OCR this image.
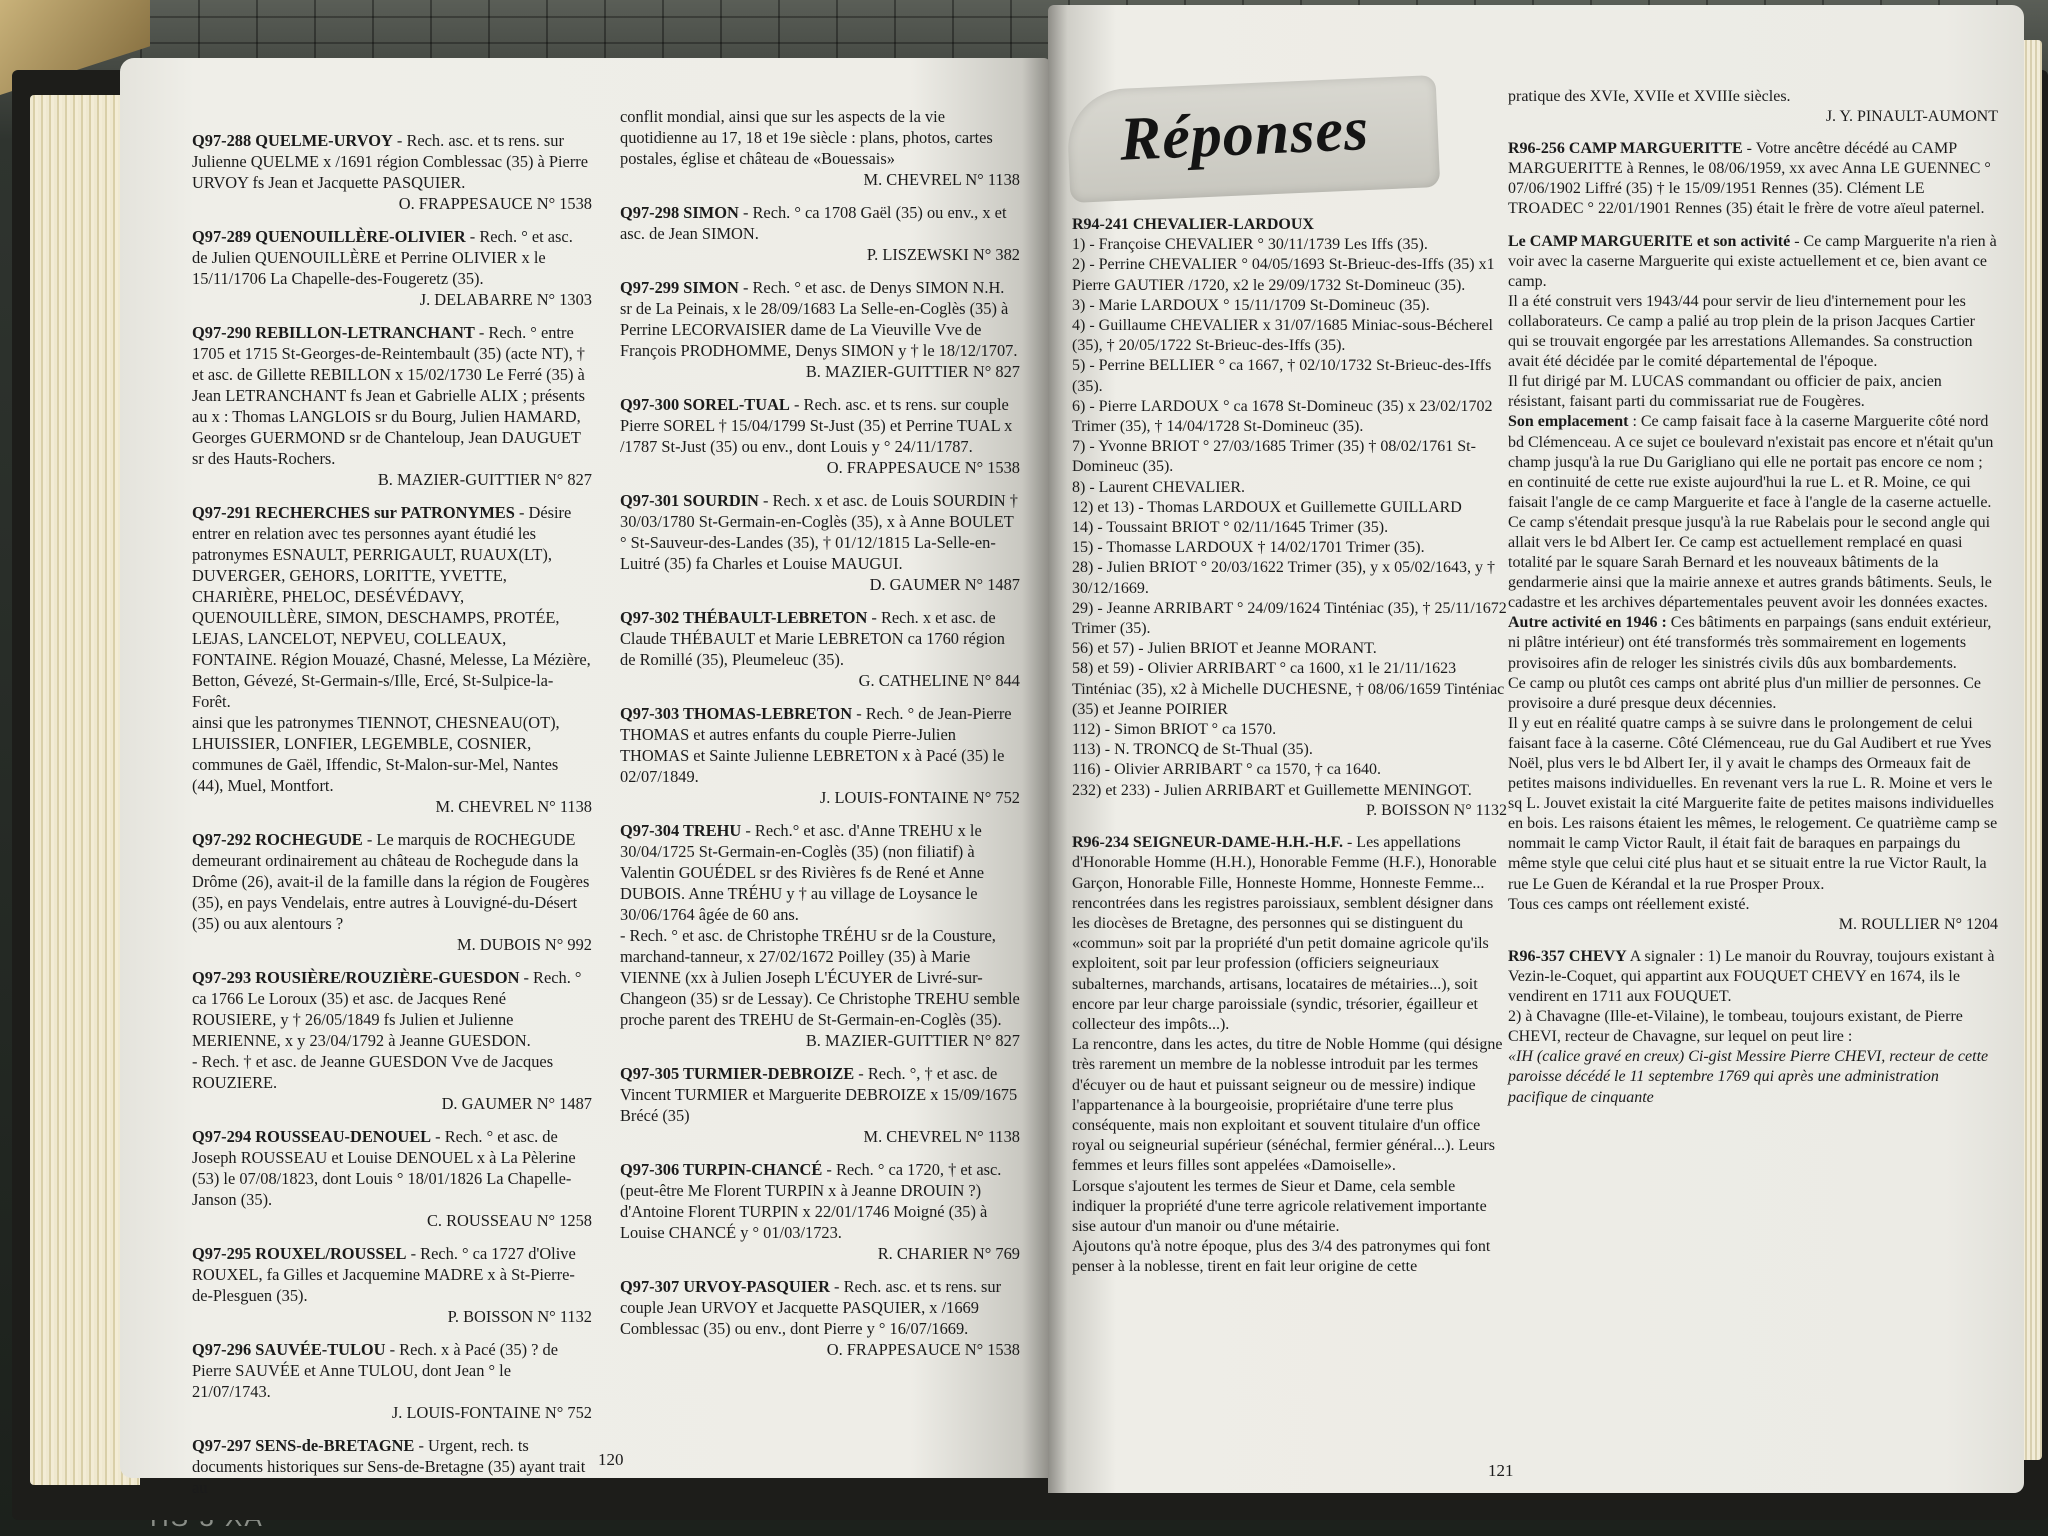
Q97-288 QUELME-URVOY - Rech. asc. et ts rens. sur Julienne QUELME x /1691 région Comblessac (35) à Pierre URVOY fs Jean et Jacquette PASQUIER.

O. FRAPPESAUCE N° 1538

Q97-289 QUENOUILLÈRE-OLIVIER - Rech. ° et asc. de Julien QUENOUILLÈRE et Perrine OLIVIER x le 15/11/1706 La Chapelle-des-Fougeretz (35).

J. DELABARRE N° 1303

Q97-290 REBILLON-LETRANCHANT - Rech. ° entre 1705 et 1715 St-Georges-de-Reintembault (35) (acte NT), † et asc. de Gillette REBILLON x 15/02/1730 Le Ferré (35) à Jean LETRANCHANT fs Jean et Gabrielle ALIX ; présents au x : Thomas LANGLOIS sr du Bourg, Julien HAMARD, Georges GUERMOND sr de Chanteloup, Jean DAUGUET sr des Hauts-Rochers.

B. MAZIER-GUITTIER N° 827

Q97-291 RECHERCHES sur PATRONYMES - Désire entrer en relation avec tes personnes ayant étudié les patronymes ESNAULT, PERRIGAULT, RUAUX(LT), DUVERGER, GEHORS, LORITTE, YVETTE, CHARIÈRE, PHELOC, DESÉVÉDAVY, QUENOUILLÈRE, SIMON, DESCHAMPS, PROTÉE, LEJAS, LANCELOT, NEPVEU, COLLEAUX, FONTAINE. Région Mouazé, Chasné, Melesse, La Mézière, Betton, Gévezé, St-Germain-s/Ille, Ercé, St-Sulpice-la-Forêt.

ainsi que les patronymes TIENNOT, CHESNEAU(OT), LHUISSIER, LONFIER, LEGEMBLE, COSNIER, communes de Gaël, Iffendic, St-Malon-sur-Mel, Nantes (44), Muel, Montfort.

M. CHEVREL N° 1138

Q97-292 ROCHEGUDE - Le marquis de ROCHEGUDE demeurant ordinairement au château de Rochegude dans la Drôme (26), avait-il de la famille dans la région de Fougères (35), en pays Vendelais, entre autres à Louvigné-du-Désert (35) ou aux alentours ?

M. DUBOIS N° 992

Q97-293 ROUSIÈRE/ROUZIÈRE-GUESDON - Rech. ° ca 1766 Le Loroux (35) et asc. de Jacques René ROUSIERE, y † 26/05/1849 fs Julien et Julienne MERIENNE, x y 23/04/1792 à Jeanne GUESDON.

- Rech. † et asc. de Jeanne GUESDON Vve de Jacques ROUZIERE.

D. GAUMER N° 1487

Q97-294 ROUSSEAU-DENOUEL - Rech. ° et asc. de Joseph ROUSSEAU et Louise DENOUEL x à La Pèlerine (53) le 07/08/1823, dont Louis ° 18/01/1826 La Chapelle-Janson (35).

C. ROUSSEAU N° 1258

Q97-295 ROUXEL/ROUSSEL - Rech. ° ca 1727 d'Olive ROUXEL, fa Gilles et Jacquemine MADRE x à St-Pierre-de-Plesguen (35).

P. BOISSON N° 1132

Q97-296 SAUVÉE-TULOU - Rech. x à Pacé (35) ? de Pierre SAUVÉE et Anne TULOU, dont Jean ° le 21/07/1743.

J. LOUIS-FONTAINE N° 752

Q97-297 SENS-de-BRETAGNE - Urgent, rech. ts documents historiques sur Sens-de-Bretagne (35) ayant trait au

conflit mondial, ainsi que sur les aspects de la vie quotidienne au 17, 18 et 19e siècle : plans, photos, cartes postales, église et château de «Bouessais»

M. CHEVREL N° 1138

Q97-298 SIMON - Rech. ° ca 1708 Gaël (35) ou env., x et asc. de Jean SIMON.

P. LISZEWSKI N° 382

Q97-299 SIMON - Rech. ° et asc. de Denys SIMON N.H. sr de La Peinais, x le 28/09/1683 La Selle-en-Coglès (35) à Perrine LECORVAISIER dame de La Vieuville Vve de François PRODHOMME, Denys SIMON y † le 18/12/1707.

B. MAZIER-GUITTIER N° 827

Q97-300 SOREL-TUAL - Rech. asc. et ts rens. sur couple Pierre SOREL † 15/04/1799 St-Just (35) et Perrine TUAL x /1787 St-Just (35) ou env., dont Louis y ° 24/11/1787.

O. FRAPPESAUCE N° 1538

Q97-301 SOURDIN - Rech. x et asc. de Louis SOURDIN † 30/03/1780 St-Germain-en-Coglès (35), x à Anne BOULET ° St-Sauveur-des-Landes (35), † 01/12/1815 La-Selle-en-Luitré (35) fa Charles et Louise MAUGUI.

D. GAUMER N° 1487

Q97-302 THÉBAULT-LEBRETON - Rech. x et asc. de Claude THÉBAULT et Marie LEBRETON ca 1760 région de Romillé (35), Pleumeleuc (35).

G. CATHELINE N° 844

Q97-303 THOMAS-LEBRETON - Rech. ° de Jean-Pierre THOMAS et autres enfants du couple Pierre-Julien THOMAS et Sainte Julienne LEBRETON x à Pacé (35) le 02/07/1849.

J. LOUIS-FONTAINE N° 752

Q97-304 TREHU - Rech.° et asc. d'Anne TREHU x le 30/04/1725 St-Germain-en-Coglès (35) (non filiatif) à Valentin GOUÉDEL sr des Rivières fs de René et Anne DUBOIS. Anne TRÉHU y † au village de Loysance le 30/06/1764 âgée de 60 ans.

- Rech. ° et asc. de Christophe TRÉHU sr de la Cousture, marchand-tanneur, x 27/02/1672 Poilley (35) à Marie VIENNE (xx à Julien Joseph L'ÉCUYER de Livré-sur-Changeon (35) sr de Lessay). Ce Christophe TREHU semble proche parent des TREHU de St-Germain-en-Coglès (35).

B. MAZIER-GUITTIER N° 827

Q97-305 TURMIER-DEBROIZE - Rech. °, † et asc. de Vincent TURMIER et Marguerite DEBROIZE x 15/09/1675 Brécé (35)

M. CHEVREL N° 1138

Q97-306 TURPIN-CHANCÉ - Rech. ° ca 1720, † et asc. (peut-être Me Florent TURPIN x à Jeanne DROUIN ?) d'Antoine Florent TURPIN x 22/01/1746 Moigné (35) à Louise CHANCÉ y ° 01/03/1723.

R. CHARIER N° 769

Q97-307 URVOY-PASQUIER - Rech. asc. et ts rens. sur couple Jean URVOY et Jacquette PASQUIER, x /1669 Comblessac (35) ou env., dont Pierre y ° 16/07/1669.

O. FRAPPESAUCE N° 1538

120
Réponses

R94-241 CHEVALIER-LARDOUX

1) - Françoise CHEVALIER ° 30/11/1739 Les Iffs (35).

2) - Perrine CHEVALIER ° 04/05/1693 St-Brieuc-des-Iffs (35) x1 Pierre GAUTIER /1720, x2 le 29/09/1732 St-Domineuc (35).

3) - Marie LARDOUX ° 15/11/1709 St-Domineuc (35).

4) - Guillaume CHEVALIER x 31/07/1685 Miniac-sous-Bécherel (35), † 20/05/1722 St-Brieuc-des-Iffs (35).

5) - Perrine BELLIER ° ca 1667, † 02/10/1732 St-Brieuc-des-Iffs (35).

6) - Pierre LARDOUX ° ca 1678 St-Domineuc (35) x 23/02/1702 Trimer (35), † 14/04/1728 St-Domineuc (35).

7) - Yvonne BRIOT ° 27/03/1685 Trimer (35) † 08/02/1761 St-Domineuc (35).

8) - Laurent CHEVALIER.

12) et 13) - Thomas LARDOUX et Guillemette GUILLARD

14) - Toussaint BRIOT ° 02/11/1645 Trimer (35).

15) - Thomasse LARDOUX † 14/02/1701 Trimer (35).

28) - Julien BRIOT ° 20/03/1622 Trimer (35), y x 05/02/1643, y † 30/12/1669.

29) - Jeanne ARRIBART ° 24/09/1624 Tinténiac (35), † 25/11/1672 Trimer (35).

56) et 57) - Julien BRIOT et Jeanne MORANT.

58) et 59) - Olivier ARRIBART ° ca 1600, x1 le 21/11/1623 Tinténiac (35), x2 à Michelle DUCHESNE, † 08/06/1659 Tinténiac (35) et Jeanne POIRIER

112) - Simon BRIOT ° ca 1570.

113) - N. TRONCQ de St-Thual (35).

116) - Olivier ARRIBART ° ca 1570, † ca 1640.

232) et 233) - Julien ARRIBART et Guillemette MENINGOT.

P. BOISSON N° 1132

R96-234 SEIGNEUR-DAME-H.H.-H.F. - Les appellations d'Honorable Homme (H.H.), Honorable Femme (H.F.), Honorable Garçon, Honorable Fille, Honneste Homme, Honneste Femme... rencontrées dans les registres paroissiaux, semblent désigner dans les diocèses de Bretagne, des personnes qui se distinguent du «commun» soit par la propriété d'un petit domaine agricole qu'ils exploitent, soit par leur profession (officiers seigneuriaux subalternes, marchands, artisans, locataires de métairies...), soit encore par leur charge paroissiale (syndic, trésorier, égailleur et collecteur des impôts...).

La rencontre, dans les actes, du titre de Noble Homme (qui désigne très rarement un membre de la noblesse introduit par les termes d'écuyer ou de haut et puissant seigneur ou de messire) indique l'appartenance à la bourgeoisie, propriétaire d'une terre plus conséquente, mais non exploitant et souvent titulaire d'un office royal ou seigneurial supérieur (sénéchal, fermier général...). Leurs femmes et leurs filles sont appelées «Damoiselle».

Lorsque s'ajoutent les termes de Sieur et Dame, cela semble indiquer la propriété d'une terre agricole relativement importante sise autour d'un manoir ou d'une métairie.

Ajoutons qu'à notre époque, plus des 3/4 des patronymes qui font penser à la noblesse, tirent en fait leur origine de cette

pratique des XVIe, XVIIe et XVIIIe siècles.

J. Y. PINAULT-AUMONT

R96-256 CAMP MARGUERITTE - Votre ancêtre décédé au CAMP MARGUERITTE à Rennes, le 08/06/1959, xx avec Anna LE GUENNEC ° 07/06/1902 Liffré (35) † le 15/09/1951 Rennes (35). Clément LE TROADEC ° 22/01/1901 Rennes (35) était le frère de votre aïeul paternel.

Le CAMP MARGUERITE et son activité - Ce camp Marguerite n'a rien à voir avec la caserne Marguerite qui existe actuellement et ce, bien avant ce camp.

Il a été construit vers 1943/44 pour servir de lieu d'internement pour les collaborateurs. Ce camp a palié au trop plein de la prison Jacques Cartier qui se trouvait engorgée par les arrestations Allemandes. Sa construction avait été décidée par le comité départemental de l'époque.

Il fut dirigé par M. LUCAS commandant ou officier de paix, ancien résistant, faisant parti du commissariat rue de Fougères.

Son emplacement : Ce camp faisait face à la caserne Marguerite côté nord bd Clémenceau. A ce sujet ce boulevard n'existait pas encore et n'était qu'un champ jusqu'à la rue Du Garigliano qui elle ne portait pas encore ce nom ; en continuité de cette rue existe aujourd'hui la rue L. et R. Moine, ce qui faisait l'angle de ce camp Marguerite et face à l'angle de la caserne actuelle. Ce camp s'étendait presque jusqu'à la rue Rabelais pour le second angle qui allait vers le bd Albert Ier. Ce camp est actuellement remplacé en quasi totalité par le square Sarah Bernard et les nouveaux bâtiments de la gendarmerie ainsi que la mairie annexe et autres grands bâtiments. Seuls, le cadastre et les archives départementales peuvent avoir les données exactes.

Autre activité en 1946 : Ces bâtiments en parpaings (sans enduit extérieur, ni plâtre intérieur) ont été transformés très sommairement en logements provisoires afin de reloger les sinistrés civils dûs aux bombardements.

Ce camp ou plutôt ces camps ont abrité plus d'un millier de personnes. Ce provisoire a duré presque deux décennies.

Il y eut en réalité quatre camps à se suivre dans le prolongement de celui faisant face à la caserne. Côté Clémenceau, rue du Gal Audibert et rue Yves Noël, plus vers le bd Albert Ier, il y avait le champs des Ormeaux fait de petites maisons individuelles. En revenant vers la rue L. R. Moine et vers le sq L. Jouvet existait la cité Marguerite faite de petites maisons individuelles en bois. Les raisons étaient les mêmes, le relogement. Ce quatrième camp se nommait le camp Victor Rault, il était fait de baraques en parpaings du même style que celui cité plus haut et se situait entre la rue Victor Rault, la rue Le Guen de Kérandal et la rue Prosper Proux.

Tous ces camps ont réellement existé.

M. ROULLIER N° 1204

R96-357 CHEVY A signaler : 1) Le manoir du Rouvray, toujours existant à Vezin-le-Coquet, qui appartint aux FOUQUET CHEVY en 1674, ils le vendirent en 1711 aux FOUQUET.

2) à Chavagne (Ille-et-Vilaine), le tombeau, toujours existant, de Pierre CHEVI, recteur de Chavagne, sur lequel on peut lire :

«IH (calice gravé en creux) Ci-gist Messire Pierre CHEVI, recteur de cette paroisse décédé le 11 septembre 1769 qui après une administration pacifique de cinquante

121
